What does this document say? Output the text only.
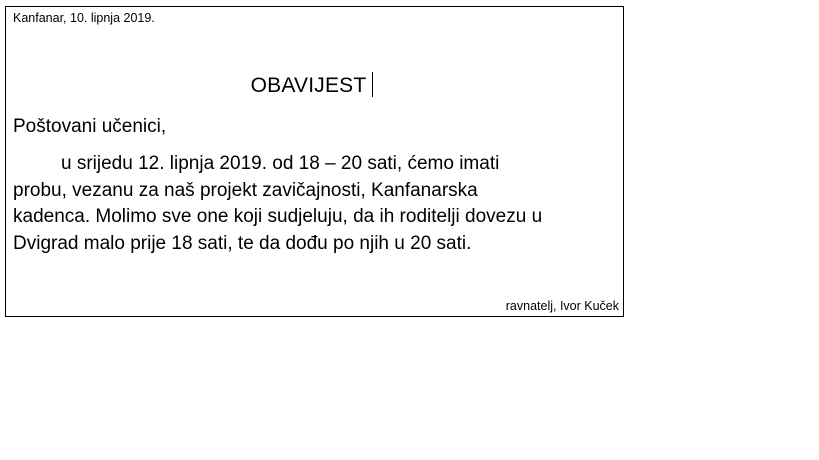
Kanfanar, 10. lipnja 2019.
OBAVIJEST
Poštovani učenici,
u srijedu 12. lipnja 2019. od 18 – 20 sati, ćemo imati
probu, vezanu za naš projekt zavičajnosti, Kanfanarska
kadenca. Molimo sve one koji sudjeluju, da ih roditelji dovezu u
Dvigrad malo prije 18 sati, te da dođu po njih u 20 sati.
ravnatelj, Ivor Kuček
